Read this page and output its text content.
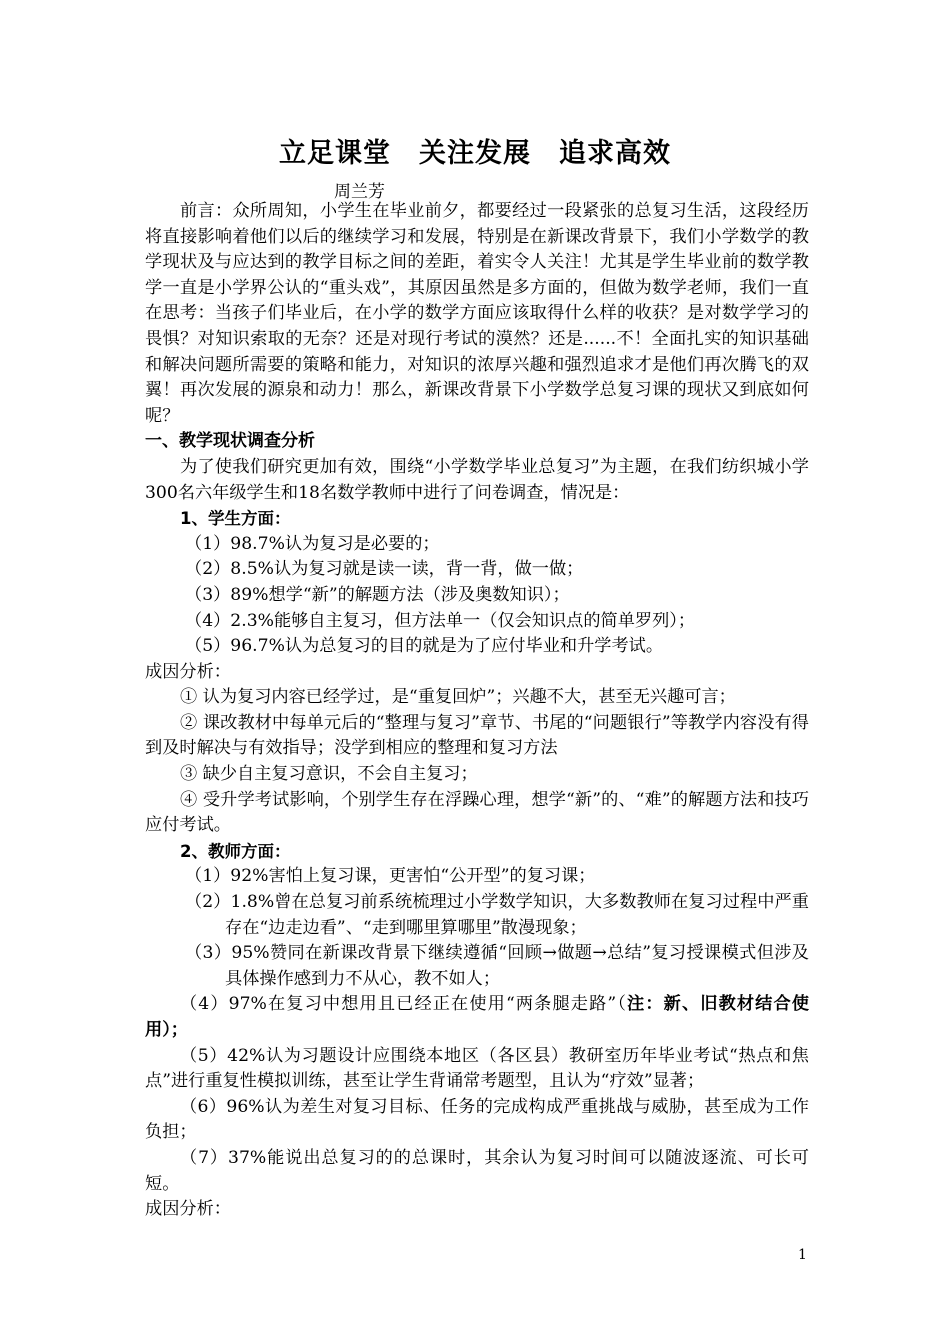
立足课堂　关注发展　追求高效
周兰芳

前言：众所周知，小学生在毕业前夕，都要经过一段紧张的总复习生活，这段经历将直接影响着他们以后的继续学习和发展，特别是在新课改背景下，我们小学数学的教学现状及与应达到的教学目标之间的差距，着实令人关注！尤其是学生毕业前的数学教学一直是小学界公认的“重头戏”，其原因虽然是多方面的，但做为数学老师，我们一直在思考：当孩子们毕业后，在小学的数学方面应该取得什么样的收获？是对数学学习的畏惧？对知识索取的无奈？还是对现行考试的漠然？还是......不！全面扎实的知识基础和解决问题所需要的策略和能力，对知识的浓厚兴趣和强烈追求才是他们再次腾飞的双翼！再次发展的源泉和动力！那么，新课改背景下小学数学总复习课的现状又到底如何呢？

一、教学现状调查分析

为了使我们研究更加有效，围绕“小学数学毕业总复习”为主题，在我们纺织城小学300名六年级学生和18名数学教师中进行了问卷调查，情况是：

1、学生方面：

（1）98.7%认为复习是必要的；

（2）8.5%认为复习就是读一读，背一背，做一做；

（3）89%想学“新”的解题方法（涉及奥数知识）；

（4）2.3%能够自主复习，但方法单一（仅会知识点的简单罗列）；

（5）96.7%认为总复习的目的就是为了应付毕业和升学考试。

成因分析：

① 认为复习内容已经学过，是“重复回炉”；兴趣不大，甚至无兴趣可言；

② 课改教材中每单元后的“整理与复习”章节、书尾的“问题银行”等教学内容没有得到及时解决与有效指导；没学到相应的整理和复习方法

③ 缺少自主复习意识，不会自主复习；

④ 受升学考试影响，个别学生存在浮躁心理，想学“新”的、“难”的解题方法和技巧应付考试。

2、教师方面：

（1）92%害怕上复习课，更害怕“公开型”的复习课；

（2）1.8%曾在总复习前系统梳理过小学数学知识，大多数教师在复习过程中严重存在“边走边看”、“走到哪里算哪里”散漫现象；

（3）95%赞同在新课改背景下继续遵循“回顾→做题→总结”复习授课模式但涉及具体操作感到力不从心，教不如人；

（4）97%在复习中想用且已经正在使用“两条腿走路”（注：新、旧教材结合使用）；

（5）42%认为习题设计应围绕本地区（各区县）教研室历年毕业考试“热点和焦点”进行重复性模拟训练，甚至让学生背诵常考题型，且认为“疗效”显著；

（6）96%认为差生对复习目标、任务的完成构成严重挑战与威胁，甚至成为工作负担；

（7）37%能说出总复习的的总课时，其余认为复习时间可以随波逐流、可长可短。

成因分析：

1
